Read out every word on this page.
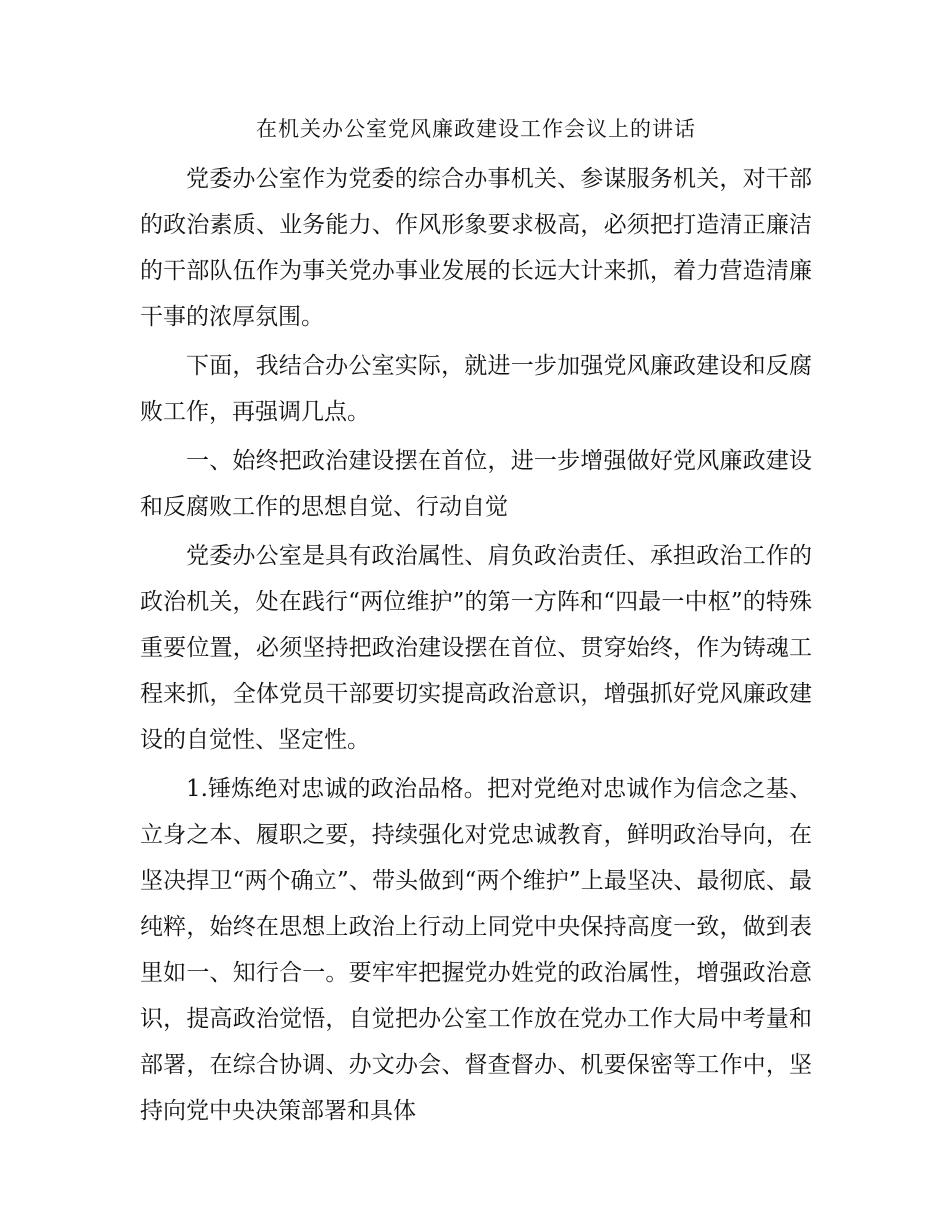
在机关办公室党风廉政建设工作会议上的讲话

党委办公室作为党委的综合办事机关、参谋服务机关，对干部的政治素质、业务能力、作风形象要求极高，必须把打造清正廉洁的干部队伍作为事关党办事业发展的长远大计来抓，着力营造清廉干事的浓厚氛围。

下面，我结合办公室实际，就进一步加强党风廉政建设和反腐败工作，再强调几点。

一、始终把政治建设摆在首位，进一步增强做好党风廉政建设和反腐败工作的思想自觉、行动自觉

党委办公室是具有政治属性、肩负政治责任、承担政治工作的政治机关，处在践行“两位维护”的第一方阵和“四最一中枢”的特殊重要位置，必须坚持把政治建设摆在首位、贯穿始终，作为铸魂工程来抓，全体党员干部要切实提高政治意识，增强抓好党风廉政建设的自觉性、坚定性。

1.锤炼绝对忠诚的政治品格。把对党绝对忠诚作为信念之基、立身之本、履职之要，持续强化对党忠诚教育，鲜明政治导向，在坚决捍卫“两个确立”、带头做到“两个维护”上最坚决、最彻底、最纯粹，始终在思想上政治上行动上同党中央保持高度一致，做到表里如一、知行合一。要牢牢把握党办姓党的政治属性，增强政治意识，提高政治觉悟，自觉把办公室工作放在党办工作大局中考量和部署，在综合协调、办文办会、督查督办、机要保密等工作中，坚持向党中央决策部署和具体
